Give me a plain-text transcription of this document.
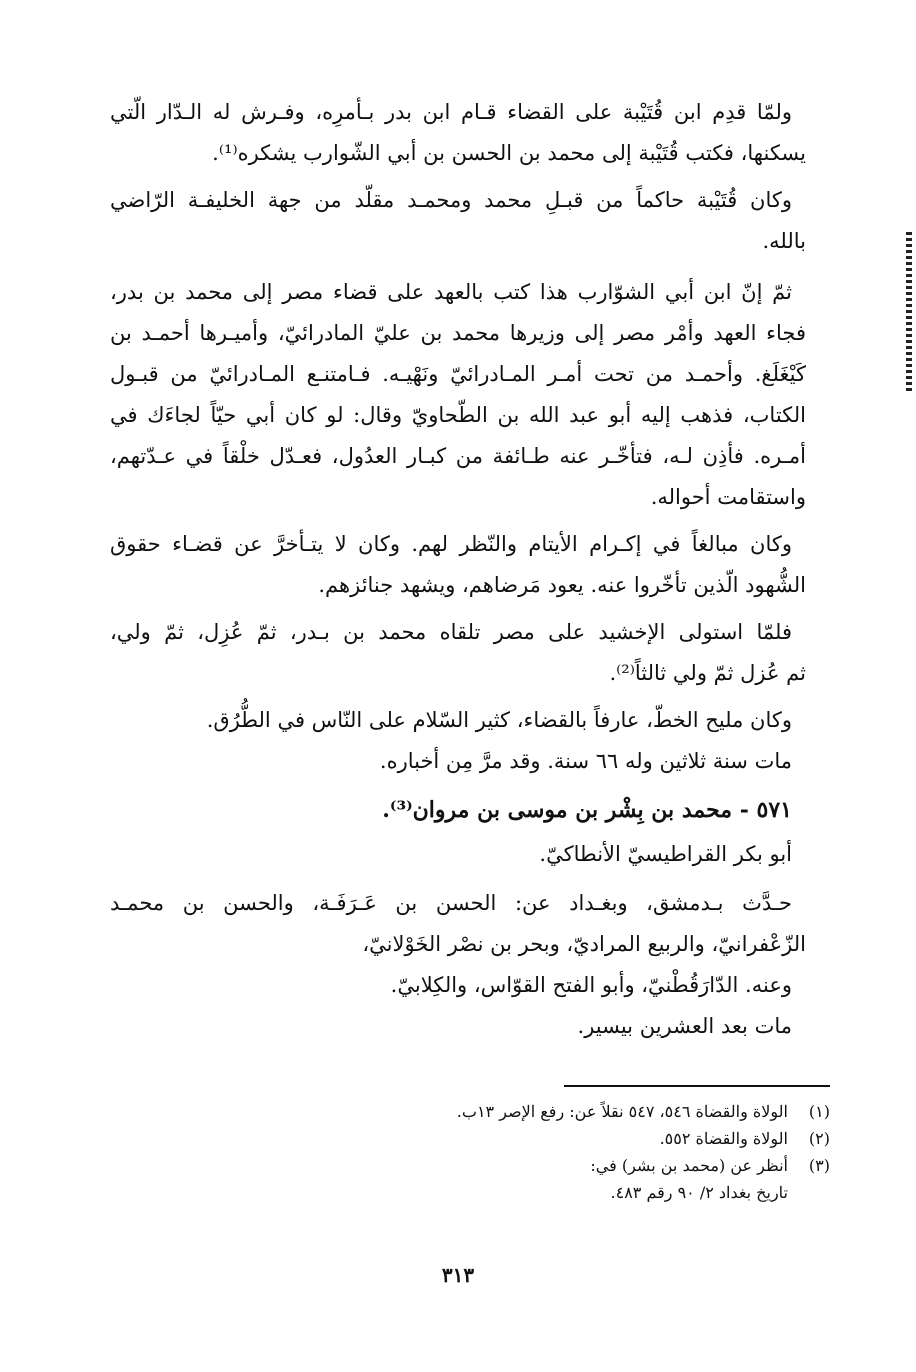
ولمّا قدِم ابن قُتَيْبة على القضاء قـام ابن بدر بـأمرِه، وفـرش له الـدّار الّتي
يسكنها، فكتب قُتَيْبة إلى محمد بن الحسن بن أبي الشّوارب يشكره⁽¹⁾.
وكان قُتَيْبة حاكماً من قبـلِ محمد ومحمـد مقلّد من جهة الخليفـة الرّاضي
بالله.
ثمّ إنّ ابن أبي الشوّارب هذا كتب بالعهد على قضاء مصر إلى محمد بن بدر،
فجاء العهد وأمْر مصر إلى وزيرها محمد بن عليّ المادرائيّ، وأميـرها أحمـد بن
كَيْغَلَغ. وأحمـد من تحت أمـر المـادرائيّ ونَهْيـه. فـامتنـع المـادرائيّ من قبـول
الكتاب، فذهب إليه أبو عبد الله بن الطّحاويّ وقال: لو كان أبي حيّاً لجاءَك في
أمـره. فأذِن لـه، فتأخّـر عنه طـائفة من كبـار العدُول، فعـدّل خلْقاً في عـدّتهم،
واستقامت أحواله.
وكان مبالغاً في إكـرام الأيتام والنّظر لهم. وكان لا يتـأخرَّ عن قضـاء حقوق
الشُّهود الّذين تأخّروا عنه. يعود مَرضاهم، ويشهد جنائزهم.
فلمّا استولى الإخشيد على مصر تلقاه محمد بن بـدر، ثمّ عُزِل، ثمّ ولي،
ثم عُزل ثمّ ولي ثالثاً⁽²⁾.
وكان مليح الخطّ، عارفاً بالقضاء، كثير السّلام على النّاس في الطُّرُق.
مات سنة ثلاثين وله ٦٦ سنة. وقد مرَّ مِن أخباره.
٥٧١ - محمد بن بِشْر بن موسى بن مروان⁽³⁾.
أبو بكر القراطيسيّ الأنطاكيّ.
حـدَّث بـدمشق، وبغـداد عن: الحسن بن عَـرَفَـة، والحسن بن محمـد
الزّعْفرانيّ، والربيع المراديّ، وبحر بن نصْر الخَوْلانيّ،
وعنه. الدّارَقُطْنيّ، وأبو الفتح القوّاس، والكِلابيّ.
مات بعد العشرين بيسير.
(١)
الولاة والقضاة ٥٤٦، ٥٤٧ نقلاً عن: رفع الإصر ١٣ب.
(٢)
الولاة والقضاة ٥٥٢.
(٣)
أنظر عن (محمد بن بشر) في:
تاريخ بغداد ٢/ ٩٠ رقم ٤٨٣.
٣١٣
